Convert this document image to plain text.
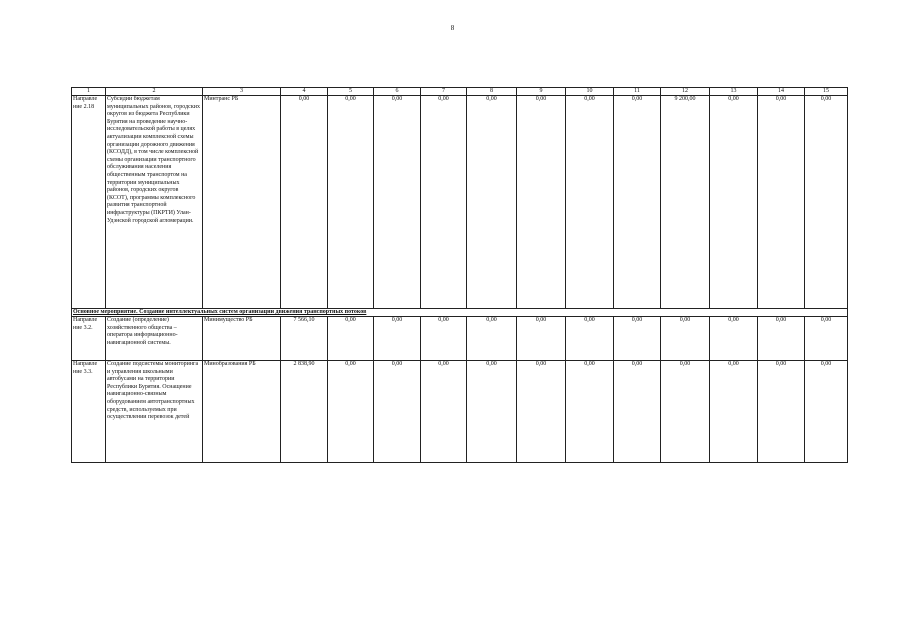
8
1	2	3	4	5	6	7	8	9	10	11	12	13	14	15
Направле ние 2.18	Субсидии бюджетам муниципальных районов, городских округов из бюджета Республики Бурятия на проведение научно-исследовательской работы в целях актуализации комплексной схемы организации дорожного движения (КСОДД), в том числе комплексной схемы организации транспортного обслуживания населения общественным транспортом на территории муниципальных районов, городских округов (КСОТ), программы комплексного развития транспортной инфраструктуры (ПКРТИ) Улан-Удэнской городской агломерации.	Минтранс РБ	0,00	0,00	0,00	0,00	0,00	0,00	0,00	0,00	9 200,00	0,00	0,00	0,00
Основное мероприятие. Создание интеллектуальных систем организации движения транспортных потоков														
Направле ние 3.2.	Создание (определение) хозяйственного общества – оператора информационно-навигационной системы.	Минимущество РБ	7 566,10	0,00	0,00	0,00	0,00	0,00	0,00	0,00	0,00	0,00	0,00	0,00
Направле ние 3.3.	Создание подсистемы мониторинга и управления школьными автобусами на территории Республики Бурятия. Оснащение навигационно-связным оборудованием автотранспортных средств, используемых при осуществлении перевозок детей	Минобразования РБ	2 838,90	0,00	0,00	0,00	0,00	0,00	0,00	0,00	0,00	0,00	0,00	0,00
